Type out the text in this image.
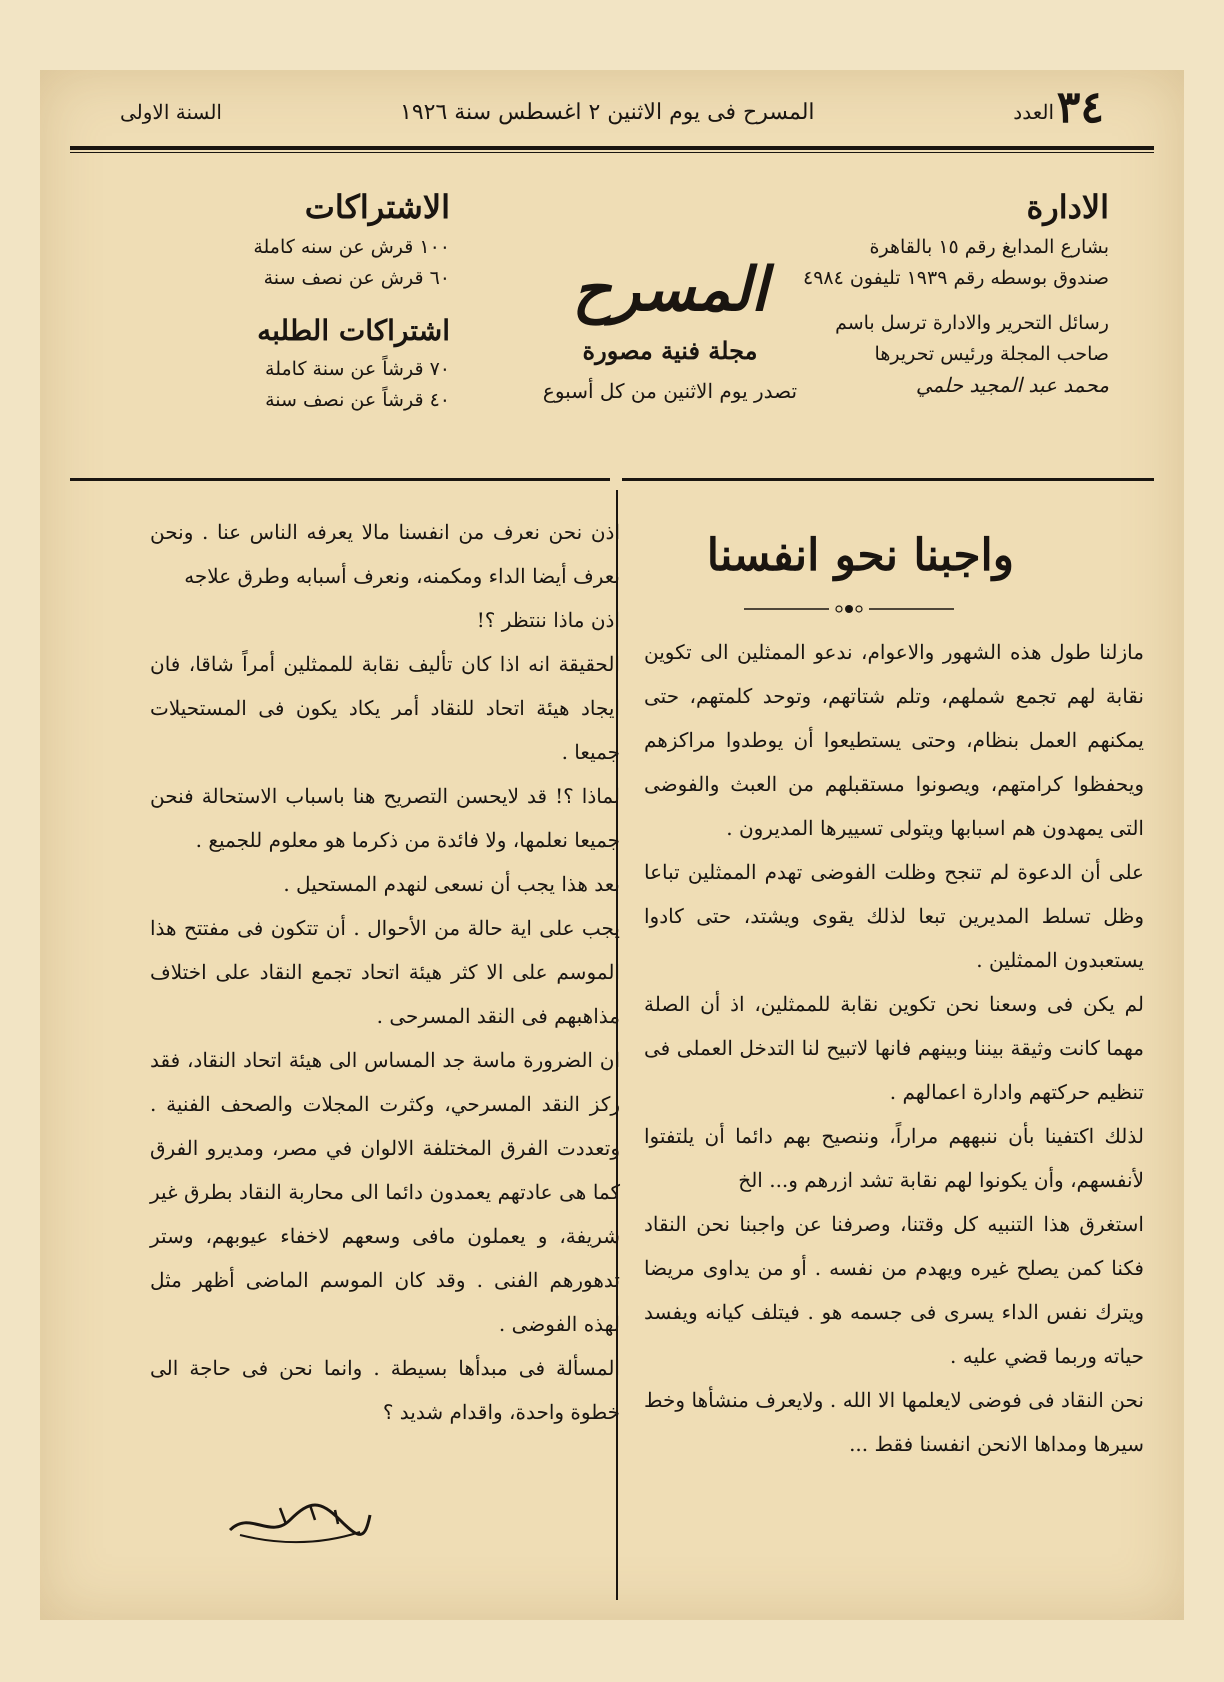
العدد ٣٤
المسرح فى يوم الاثنين ٢ اغسطس سنة ١٩٢٦
السنة الاولى
الادارة
بشارع المدابغ رقم ١٥ بالقاهرة
صندوق بوسطه رقم ١٩٣٩ تليفون ٤٩٨٤
رسائل التحرير والادارة ترسل باسم
صاحب المجلة ورئيس تحريرها
محمد عبد المجيد حلمي
المسرح
مجلة فنية مصورة
تصدر يوم الاثنين من كل أسبوع
الاشتراكات
١٠٠ قرش عن سنه كاملة
٦٠ قرش عن نصف سنة
اشتراكات الطلبه
٧٠ قرشاً عن سنة كاملة
٤٠ قرشاً عن نصف سنة
واجبنا نحو انفسنا

مازلنا طول هذه الشهور والاعوام، ندعو الممثلين الى تكوين نقابة لهم تجمع شملهم، وتلم شتاتهم، وتوحد كلمتهم، حتى يمكنهم العمل بنظام، وحتى يستطيعوا أن يوطدوا مراكزهم ويحفظوا كرامتهم، ويصونوا مستقبلهم من العبث والفوضى التى يمهدون هم اسبابها ويتولى تسييرها المديرون .

على أن الدعوة لم تنجح وظلت الفوضى تهدم الممثلين تباعا وظل تسلط المديرين تبعا لذلك يقوى ويشتد، حتى كادوا يستعبدون الممثلين .

لم يكن فى وسعنا نحن تكوين نقابة للممثلين، اذ أن الصلة مهما كانت وثيقة بيننا وبينهم فانها لاتبيح لنا التدخل العملى فى تنظيم حركتهم وادارة اعمالهم .

لذلك اكتفينا بأن ننبههم مراراً، وننصيح بهم دائما أن يلتفتوا لأنفسهم، وأن يكونوا لهم نقابة تشد ازرهم و... الخ

استغرق هذا التنبيه كل وقتنا، وصرفنا عن واجبنا نحن النقاد فكنا كمن يصلح غيره ويهدم من نفسه . أو من يداوى مريضا ويترك نفس الداء يسرى فى جسمه هو . فيتلف كيانه ويفسد حياته وربما قضي عليه .

نحن النقاد فى فوضى لايعلمها الا الله . ولايعرف منشأها وخط سيرها ومداها الانحن انفسنا فقط ...

اذن نحن نعرف من انفسنا مالا يعرفه الناس عنا . ونحن نعرف أيضا الداء ومكمنه، ونعرف أسبابه وطرق علاجه

اذن ماذا ننتظر ؟!

الحقيقة انه اذا كان تأليف نقابة للممثلين أمراً شاقا، فان ايجاد هيئة اتحاد للنقاد أمر يكاد يكون فى المستحيلات جميعا .

لماذا ؟! قد لايحسن التصريح هنا باسباب الاستحالة فنحن جميعا نعلمها، ولا فائدة من ذكرما هو معلوم للجميع .

بعد هذا يجب أن نسعى لنهدم المستحيل .

يجب على اية حالة من الأحوال . أن تتكون فى مفتتح هذا الموسم على الا كثر هيئة اتحاد تجمع النقاد على اختلاف مذاهبهم فى النقد المسرحى .

ان الضرورة ماسة جد المساس الى هيئة اتحاد النقاد، فقد ركز النقد المسرحي، وكثرت المجلات والصحف الفنية . وتعددت الفرق المختلفة الالوان في مصر، ومديرو الفرق كما هى عادتهم يعمدون دائما الى محاربة النقاد بطرق غير شريفة، و يعملون مافى وسعهم لاخفاء عيوبهم، وستر تدهورهم الفنى . وقد كان الموسم الماضى أظهر مثل لهذه الفوضى .

المسألة فى مبدأها بسيطة . وانما نحن فى حاجة الى خطوة واحدة، واقدام شديد ؟
